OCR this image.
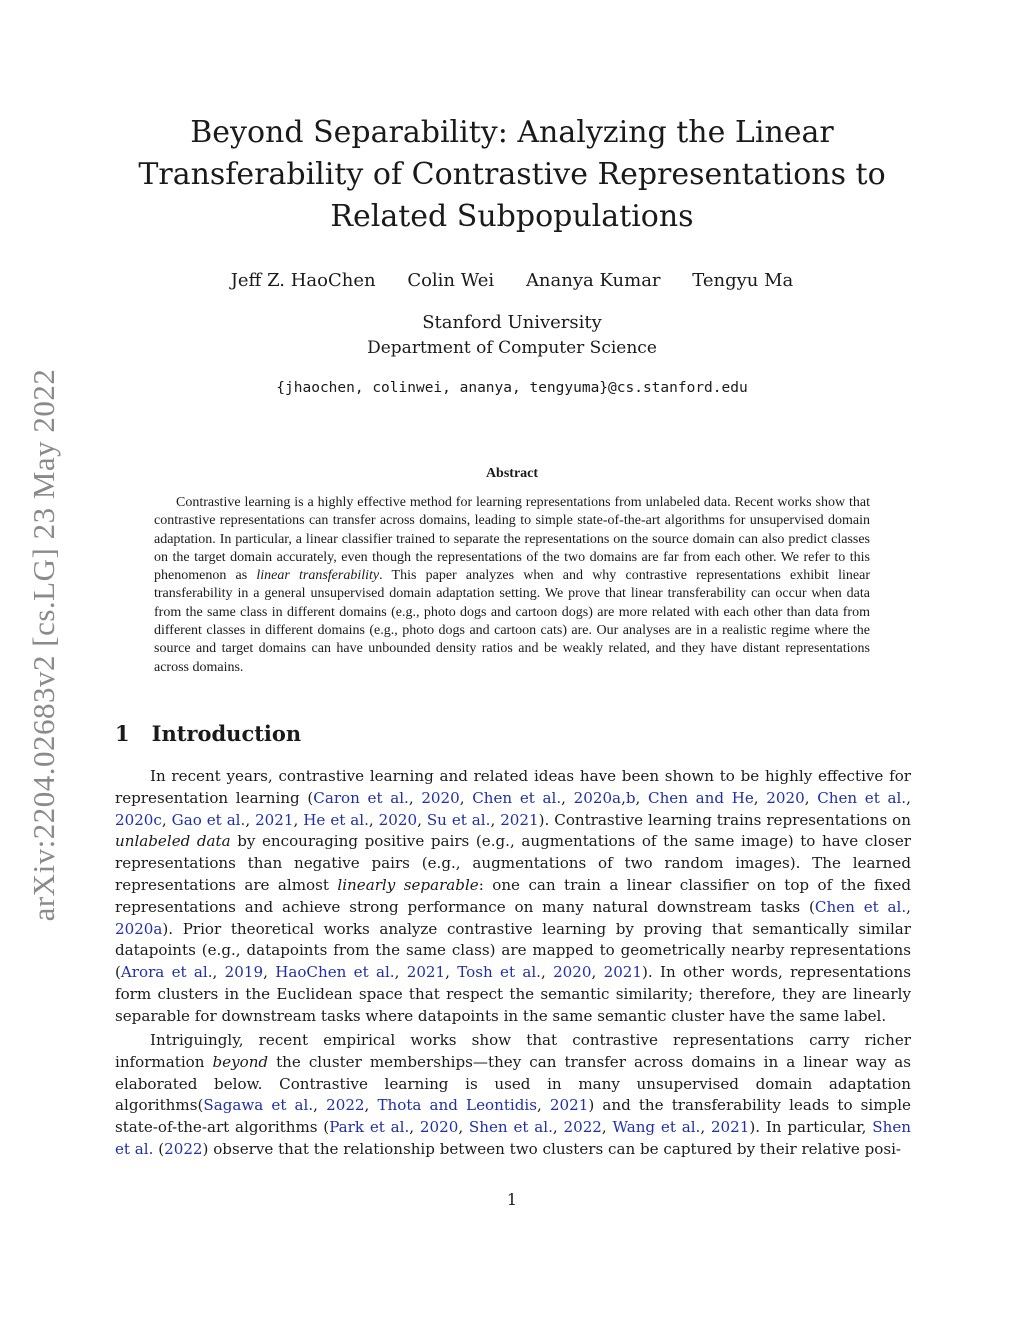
arXiv:2204.02683v2 [cs.LG] 23 May 2022
Beyond Separability: Analyzing the Linear Transferability of Contrastive Representations to Related Subpopulations
Jeff Z. HaoChen Colin Wei Ananya Kumar Tengyu Ma
Stanford University
Department of Computer Science
{jhaochen, colinwei, ananya, tengyuma}@cs.stanford.edu
Abstract

Contrastive learning is a highly effective method for learning representations from unlabeled data. Recent works show that contrastive representations can transfer across domains, leading to simple state-of-the-art algorithms for unsupervised domain adaptation. In particular, a linear classifier trained to separate the representations on the source domain can also predict classes on the target domain accurately, even though the representations of the two domains are far from each other. We refer to this phenomenon as linear transferability. This paper analyzes when and why contrastive representations exhibit linear transferability in a general unsupervised domain adaptation setting. We prove that linear transferability can occur when data from the same class in different domains (e.g., photo dogs and cartoon dogs) are more related with each other than data from different classes in different domains (e.g., photo dogs and cartoon cats) are. Our analyses are in a realistic regime where the source and target domains can have unbounded density ratios and be weakly related, and they have distant representations across domains.

1 Introduction

In recent years, contrastive learning and related ideas have been shown to be highly effective for representation learning (Caron et al., 2020, Chen et al., 2020a,b, Chen and He, 2020, Chen et al., 2020c, Gao et al., 2021, He et al., 2020, Su et al., 2021). Contrastive learning trains representations on unlabeled data by encouraging positive pairs (e.g., augmentations of the same image) to have closer representations than negative pairs (e.g., augmentations of two random images). The learned representations are almost linearly separable: one can train a linear classifier on top of the fixed representations and achieve strong performance on many natural downstream tasks (Chen et al., 2020a). Prior theoretical works analyze contrastive learning by proving that semantically similar datapoints (e.g., datapoints from the same class) are mapped to geometrically nearby representations (Arora et al., 2019, HaoChen et al., 2021, Tosh et al., 2020, 2021). In other words, representations form clusters in the Euclidean space that respect the semantic similarity; therefore, they are linearly separable for downstream tasks where datapoints in the same semantic cluster have the same label.

Intriguingly, recent empirical works show that contrastive representations carry richer information beyond the cluster memberships—they can transfer across domains in a linear way as elaborated below. Contrastive learning is used in many unsupervised domain adaptation algorithms(Sagawa et al., 2022, Thota and Leontidis, 2021) and the transferability leads to simple state-of-the-art algorithms (Park et al., 2020, Shen et al., 2022, Wang et al., 2021). In particular, Shen et al. (2022) observe that the relationship between two clusters can be captured by their relative posi-

1
